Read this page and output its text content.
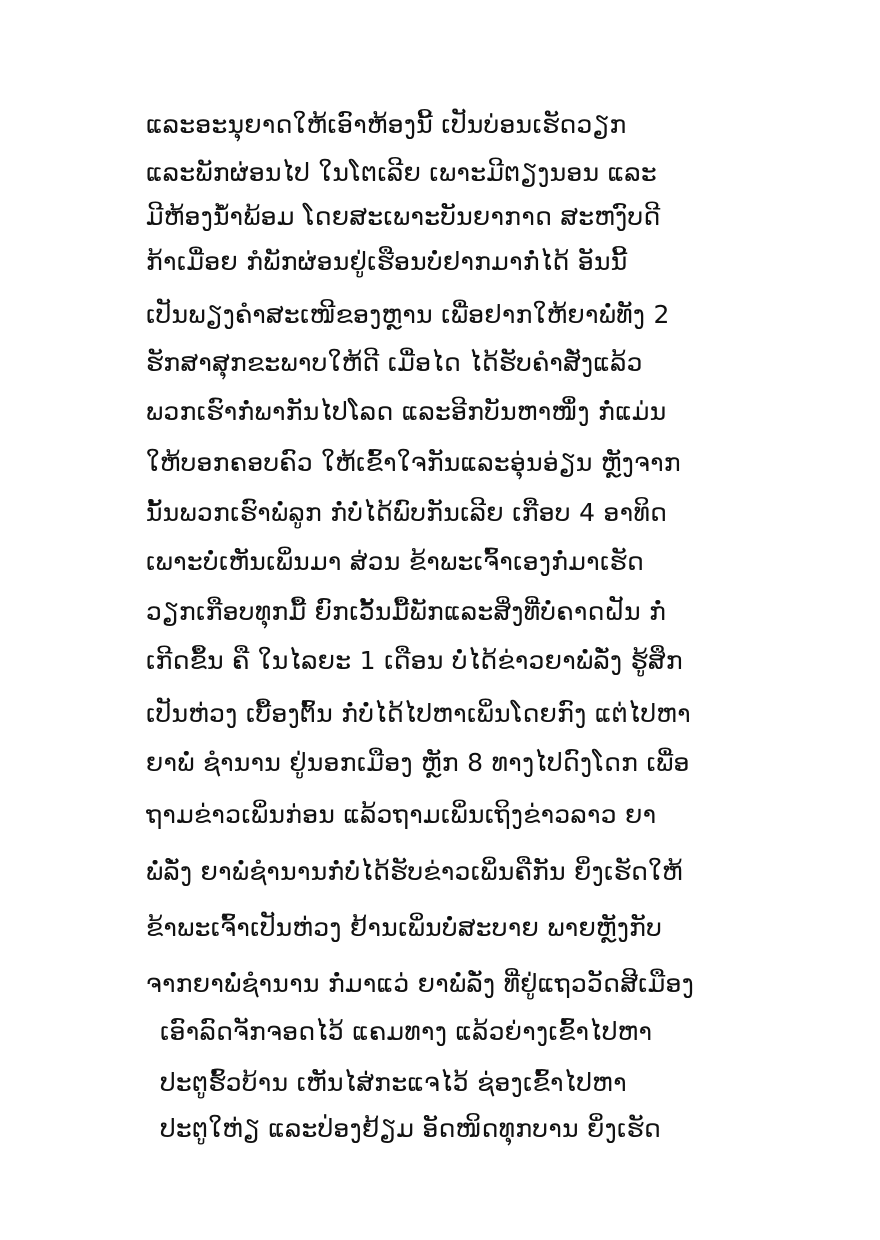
ແລະອະນຸຍາດໃຫ້ເອົາຫ້ອງນີ້ ເປັນບ່ອນເຮັດວຽກ
ແລະພັກຜ່ອນໄປ ໃນໂຕເລີຍ ເພາະມີຕຽງນອນ ແລະ
ມີຫ້ອງນ້ຳພ້ອມ ໂດຍສະເພາະບັນຍາກາດ ສະຫງົບດີ
ກ້າເມື່ອຍ ກໍພັກຜ່ອນຢູ່ເຮືອນບໍ່ຢາກມາກໍ່ໄດ້ ອັນນີ້
ເປັນພຽງຄຳສະເໜີຂອງຫຼານ ເພື່ອຢາກໃຫ້ຍາພໍ່ທັງ 2
ຮັກສາສຸກຂະພາບໃຫ້ດີ ເມື່ອໄດ ໄດ້ຮັບຄຳສັ່ງແລ້ວ
ພວກເຮົາກໍ່ພາກັນໄປໂລດ ແລະອີກບັນຫາໜຶ່ງ ກໍ່ແມ່ນ
ໃຫ້ບອກຄອບຄົວ ໃຫ້ເຂົ້າໃຈກັນແລະອຸ່ນອ່ຽນ ຫຼັງຈາກ
ນັ້ນພວກເຮົາພໍ່ລູກ ກໍ່ບໍ່ໄດ້ພົບກັນເລີຍ ເກືອບ 4 ອາທິດ
ເພາະບໍ່ເຫັນເພິ່ນມາ ສ່ວນ ຂ້າພະເຈົ້າເອງກໍ່ມາເຮັດ
ວຽກເກືອບທຸກມື້ ຍົກເວັ້ນມື້ພັກແລະສິ່ງທີ່ບໍ່ຄາດຝັນ ກໍ່
ເກີດຂຶ້ນ ຄື ໃນໄລຍະ 1 ເດືອນ ບໍ່ໄດ້ຂ່າວຍາພໍ່ລັ່ງ ຮູ້ສຶກ
ເປັນຫ່ວງ ເບື້ອງຕົ້ນ ກໍ່ບໍ່ໄດ້ໄປຫາເພິ່ນໂດຍກົງ ແຕ່ໄປຫາ
ຍາພໍ່ ຊຳນານ ຢູ່ນອກເມືອງ ຫຼັກ 8 ທາງໄປດົງໂດກ ເພື່ອ
ຖາມຂ່າວເພິ່ນກ່ອນ ແລ້ວຖາມເພິ່ນເຖິງຂ່າວລາວ ຍາ
ພໍ່ລັ່ງ ຍາພໍ່ຊຳນານກໍ່ບໍ່ໄດ້ຮັບຂ່າວເພິ່ນຄືກັນ ຍິ່ງເຮັດໃຫ້
ຂ້າພະເຈົ້າເປັນຫ່ວງ ຢ້ານເພິ່ນບໍ່ສະບາຍ ພາຍຫຼັງກັບ
ຈາກຍາພໍ່ຊຳນານ ກໍ່ມາແວ່ ຍາພໍ່ລັ່ງ ທີ່ຢູ່ແຖວວັດສີເມືອງ
ເອົາລົດຈັກຈອດໄວ້ ແຄມທາງ ແລ້ວຍ່າງເຂົ້າໄປຫາ
ປະຕູຮົ້ວບ້ານ ເຫັນໄສ່ກະແຈໄວ້ ຊ່ອງເຂົ້າໄປຫາ
ປະຕູໃຫ່ຽ ແລະປ່ອງຢ້ຽມ ອັດໜິດທຸກບານ ຍິ່ງເຮັດ
